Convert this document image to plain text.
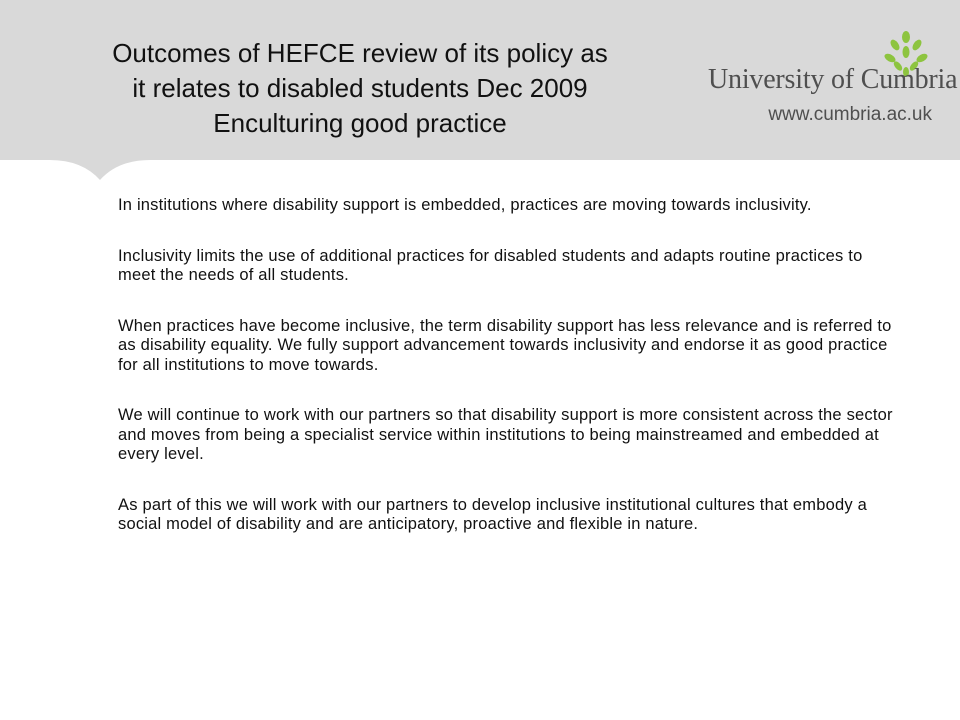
Outcomes of HEFCE review of its policy as
it relates to disabled students Dec 2009
Enculturing good practice
University of Cumbria
www.cumbria.ac.uk

In institutions where disability support is embedded, practices are moving towards inclusivity.

Inclusivity limits the use of additional practices for disabled students and adapts routine practices to meet the needs of all students.

When practices have become inclusive, the term disability support has less relevance and is referred to as disability equality. We fully support advancement towards inclusivity and endorse it as good practice for all institutions to move towards.

We will continue to work with our partners so that disability support is more consistent across the sector and moves from being a specialist service within institutions to being mainstreamed and embedded at every level.

As part of this we will work with our partners to develop inclusive institutional cultures that embody a social model of disability and are anticipatory, proactive and flexible in nature.
